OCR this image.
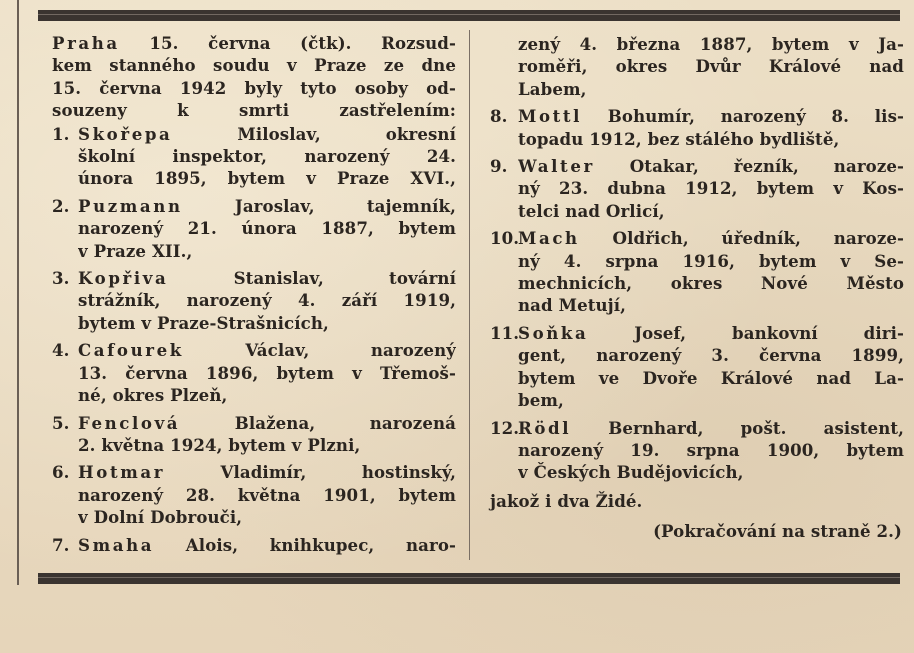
Praha 15. června (čtk). Rozsud-
kem stanného soudu v Praze ze dne
15. června 1942 byly tyto osoby od-
souzeny k smrti zastřelením:
1. Skořepa Miloslav, okresní
školní inspektor, narozený 24.
února 1895, bytem v Praze XVI.,
2. Puzmann Jaroslav, tajemník,
narozený 21. února 1887, bytem
v Praze XII.,
3. Kopřiva Stanislav, tovární
strážník, narozený 4. září 1919,
bytem v Praze-Strašnicích,
4. Cafourek Václav, narozený
13. června 1896, bytem v Třemoš-
né, okres Plzeň,
5. Fenclová Blažena, narozená
2. května 1924, bytem v Plzni,
6. Hotmar Vladimír, hostinský,
narozený 28. května 1901, bytem
v Dolní Dobrouči,
7. Smaha Alois, knihkupec, naro-
zený 4. března 1887, bytem v Ja-
roměři, okres Dvůr Králové nad
Labem,
8. Mottl Bohumír, narozený 8. lis-
topadu 1912, bez stálého bydliště,
9. Walter Otakar, řezník, naroze-
ný 23. dubna 1912, bytem v Kos-
telci nad Orlicí,
10.
Mach Oldřich, úředník, naroze-
ný 4. srpna 1916, bytem v Se-
mechnicích, okres Nové Město
nad Metují,
11.
Soňka Josef, bankovní diri-
gent, narozený 3. června 1899,
bytem ve Dvoře Králové nad La-
bem,
12.
Rödl Bernhard, pošt. asistent,
narozený 19. srpna 1900, bytem
v Českých Budějovicích,
jakož i dva Židé.
(Pokračování na straně 2.)
